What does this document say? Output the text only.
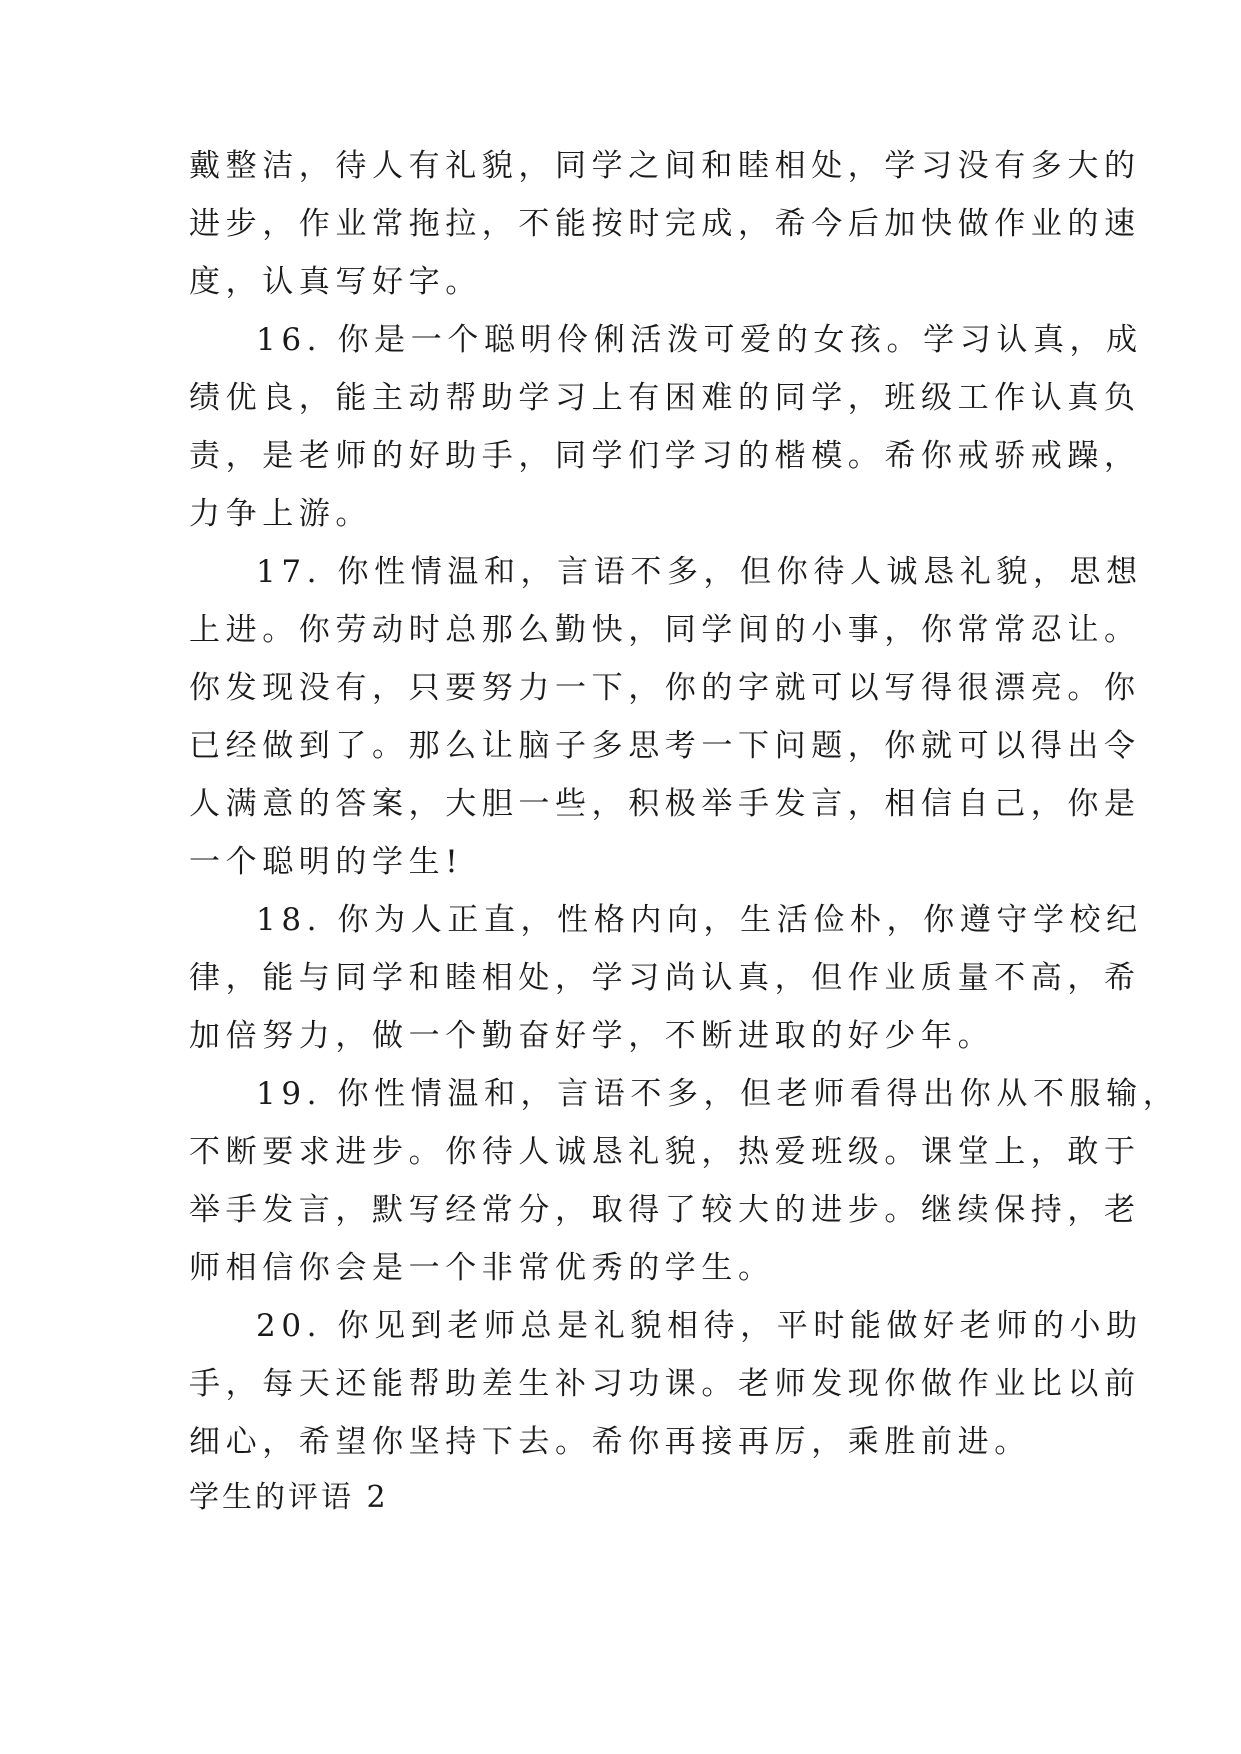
戴整洁，待人有礼貌，同学之间和睦相处，学习没有多大的
进步，作业常拖拉，不能按时完成，希今后加快做作业的速
度，认真写好字。
16. 你是一个聪明伶俐活泼可爱的女孩。学习认真，成
绩优良，能主动帮助学习上有困难的同学，班级工作认真负
责，是老师的好助手，同学们学习的楷模。希你戒骄戒躁，
力争上游。
17. 你性情温和，言语不多，但你待人诚恳礼貌，思想
上进。你劳动时总那么勤快，同学间的小事，你常常忍让。
你发现没有，只要努力一下，你的字就可以写得很漂亮。你
已经做到了。那么让脑子多思考一下问题，你就可以得出令
人满意的答案，大胆一些，积极举手发言，相信自己，你是
一个聪明的学生!
18. 你为人正直，性格内向，生活俭朴，你遵守学校纪
律，能与同学和睦相处，学习尚认真，但作业质量不高，希
加倍努力，做一个勤奋好学，不断进取的好少年。
19. 你性情温和，言语不多，但老师看得出你从不服输，
不断要求进步。你待人诚恳礼貌，热爱班级。课堂上，敢于
举手发言，默写经常分，取得了较大的进步。继续保持，老
师相信你会是一个非常优秀的学生。
20. 你见到老师总是礼貌相待，平时能做好老师的小助
手，每天还能帮助差生补习功课。老师发现你做作业比以前
细心，希望你坚持下去。希你再接再厉，乘胜前进。
学生的评语 2
